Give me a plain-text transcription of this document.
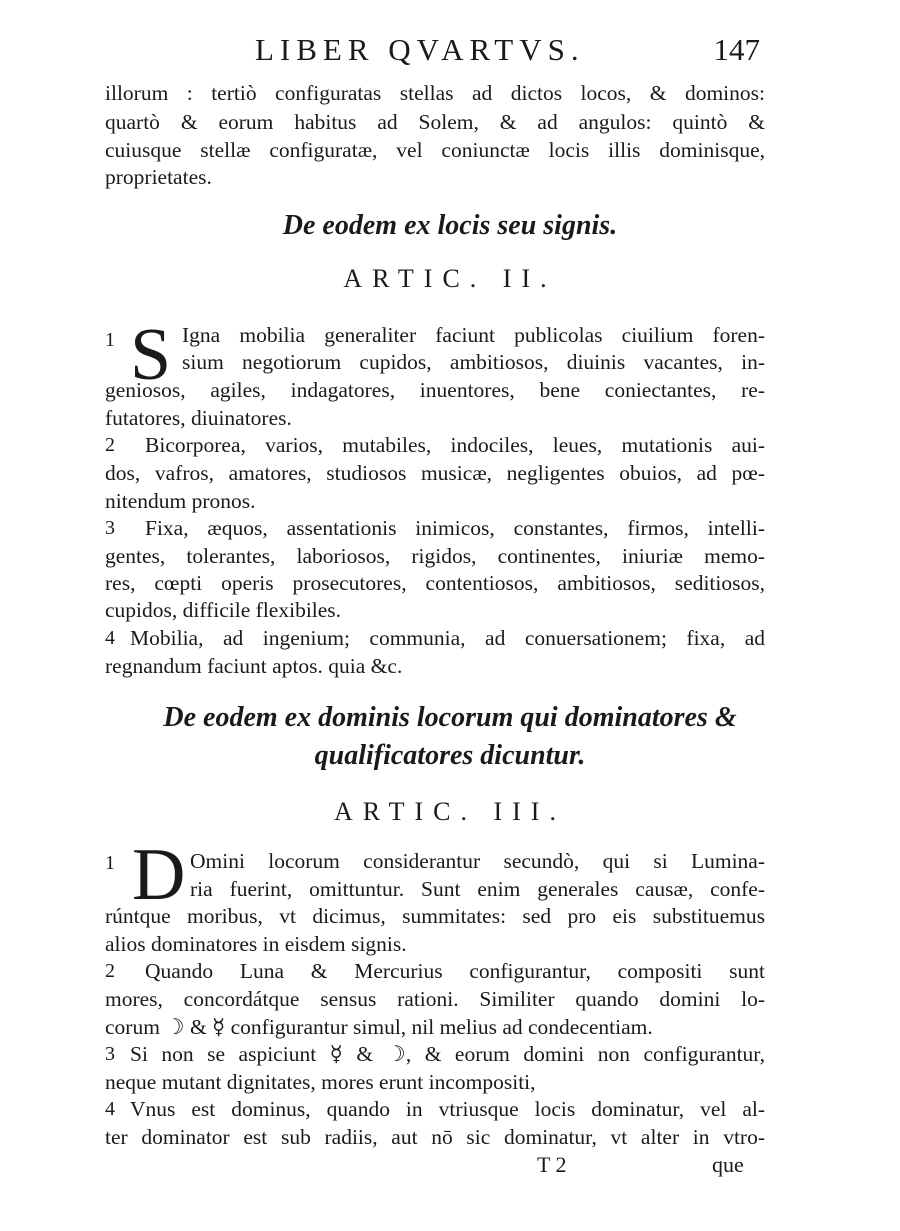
LIBER QVARTVS.	147
illorum : tertiò configuratas stellas ad dictos locos, & dominos:
quartò & eorum habitus ad Solem, & ad angulos: quintò &
cuiusque stellæ configuratæ, vel coniunctæ locis illis dominisque,
proprietates.
De eodem ex locis seu signis.
ARTIC. II.
1 S Igna mobilia generaliter faciunt publicolas ciuilium foren-
sium negotiorum cupidos, ambitiosos, diuinis vacantes, in-
geniosos, agiles, indagatores, inuentores, bene coniectantes, re-
futatores, diuinatores.
2	Bicorporea, varios, mutabiles, indociles, leues, mutationis aui-
dos, vafros, amatores, studiosos musicæ, negligentes obuios, ad pœ-
nitendum pronos.
3	Fixa, æquos, assentationis inimicos, constantes, firmos, intelli-
gentes, tolerantes, laboriosos, rigidos, continentes, iniuriæ memo-
res, cœpti operis prosecutores, contentiosos, ambitiosos, seditiosos,
cupidos, difficile flexibiles.
4 Mobilia, ad ingenium; communia, ad conuersationem; fixa, ad
regnandum faciunt aptos. quia &c.
De eodem ex dominis locorum qui dominatores &
qualificatores dicuntur.
ARTIC. III.
1 D Omini locorum considerantur secundò, qui si Lumina-
ria fuerint, omittuntur. Sunt enim generales causæ, confe-
rúntque moribus, vt dicimus, summitates: sed pro eis substituemus
alios dominatores in eisdem signis.
2	Quando Luna & Mercurius configurantur, compositi sunt
mores, concordátque sensus rationi. Similiter quando domini lo-
corum ☽ & ☿ configurantur simul, nil melius ad condecentiam.
3 Si non se aspiciunt ☿ & ☽, & eorum domini non configurantur,
neque mutant dignitates, mores erunt incompositi,
4 Vnus est dominus, quando in vtriusque locis dominatur, vel al-
ter dominator est sub radiis, aut nō sic dominatur, vt alter in vtro-
T 2	que
